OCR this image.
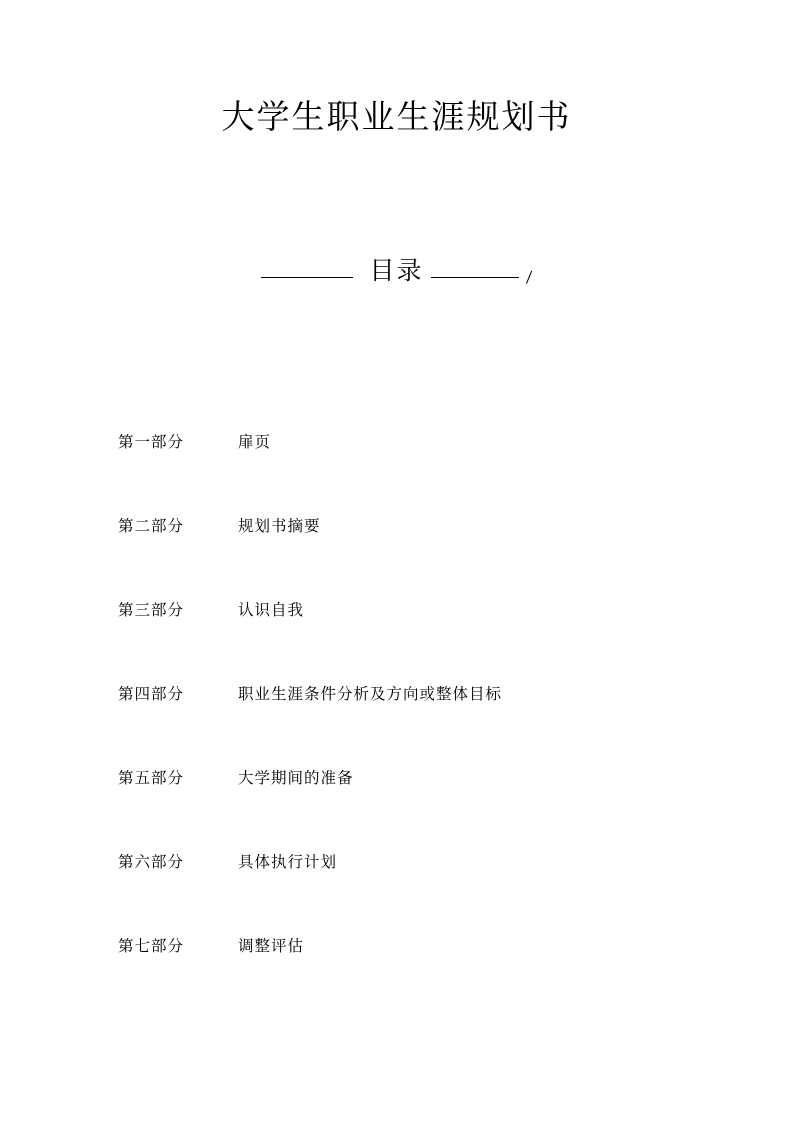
大学生职业生涯规划书
目录
第一部分	扉页
第二部分	规划书摘要
第三部分	认识自我
第四部分	职业生涯条件分析及方向或整体目标
第五部分	大学期间的准备
第六部分	具体执行计划
第七部分	调整评估
